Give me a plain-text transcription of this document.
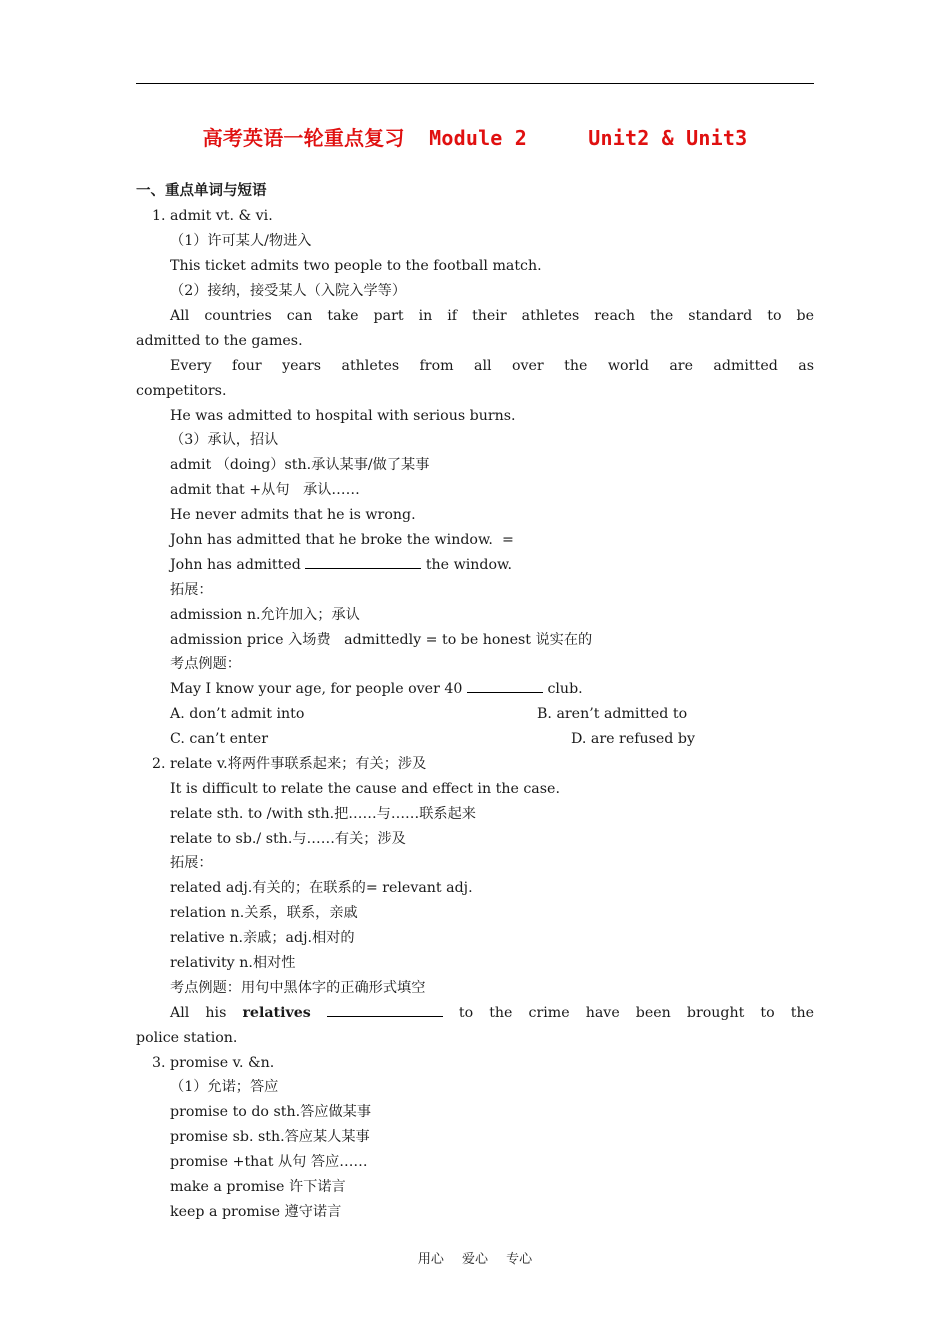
高考英语一轮重点复习  Module 2     Unit2 & Unit3
一、重点单词与短语
1. admit vt. & vi.
（1）许可某人/物进入
This ticket admits two people to the football match.
（2）接纳，接受某人（入院入学等）
All countries can take part in if their athletes reach the standard to be
admitted to the games.
Every four years athletes from all over the world are admitted as
competitors.
He was admitted to hospital with serious burns.
（3）承认，招认
admit （doing）sth.承认某事/做了某事
admit that +从句   承认……
He never admits that he is wrong.
John has admitted that he broke the window.  =
John has admitted	the window.
拓展：
admission n.允许加入；承认
admission price 入场费   admittedly = to be honest 说实在的
考点例题：
May I know your age, for people over 40	club.
A. don’t admit into	B. aren’t admitted to
C. can’t enter	D. are refused by
2. relate v.将两件事联系起来；有关；涉及
It is difficult to relate the cause and effect in the case.
relate sth. to /with sth.把……与……联系起来
relate to sb./ sth.与……有关；涉及
拓展：
related adj.有关的；在联系的= relevant adj.
relation n.关系，联系，亲戚
relative n.亲戚；adj.相对的
relativity n.相对性
考点例题：用句中黑体字的正确形式填空
All his relatives	to the crime have been brought to the
police station.
3. promise v. &n.
（1）允诺；答应
promise to do sth.答应做某事
promise sb. sth.答应某人某事
promise +that 从句 答应……
make a promise 许下诺言
keep a promise 遵守诺言
用心 爱心 专心
